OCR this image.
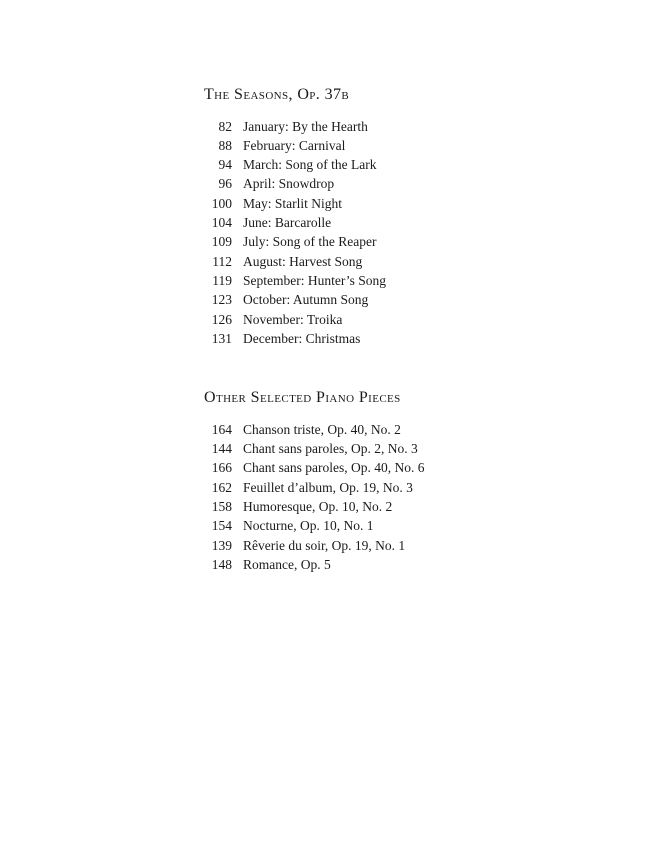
The Seasons, Op. 37b
82 January: By the Hearth
88 February: Carnival
94 March: Song of the Lark
96 April: Snowdrop
100 May: Starlit Night
104 June: Barcarolle
109 July: Song of the Reaper
112 August: Harvest Song
119 September: Hunter’s Song
123 October: Autumn Song
126 November: Troika
131 December: Christmas
Other Selected Piano Pieces
164 Chanson triste, Op. 40, No. 2
144 Chant sans paroles, Op. 2, No. 3
166 Chant sans paroles, Op. 40, No. 6
162 Feuillet d’album, Op. 19, No. 3
158 Humoresque, Op. 10, No. 2
154 Nocturne, Op. 10, No. 1
139 Rêverie du soir, Op. 19, No. 1
148 Romance, Op. 5
